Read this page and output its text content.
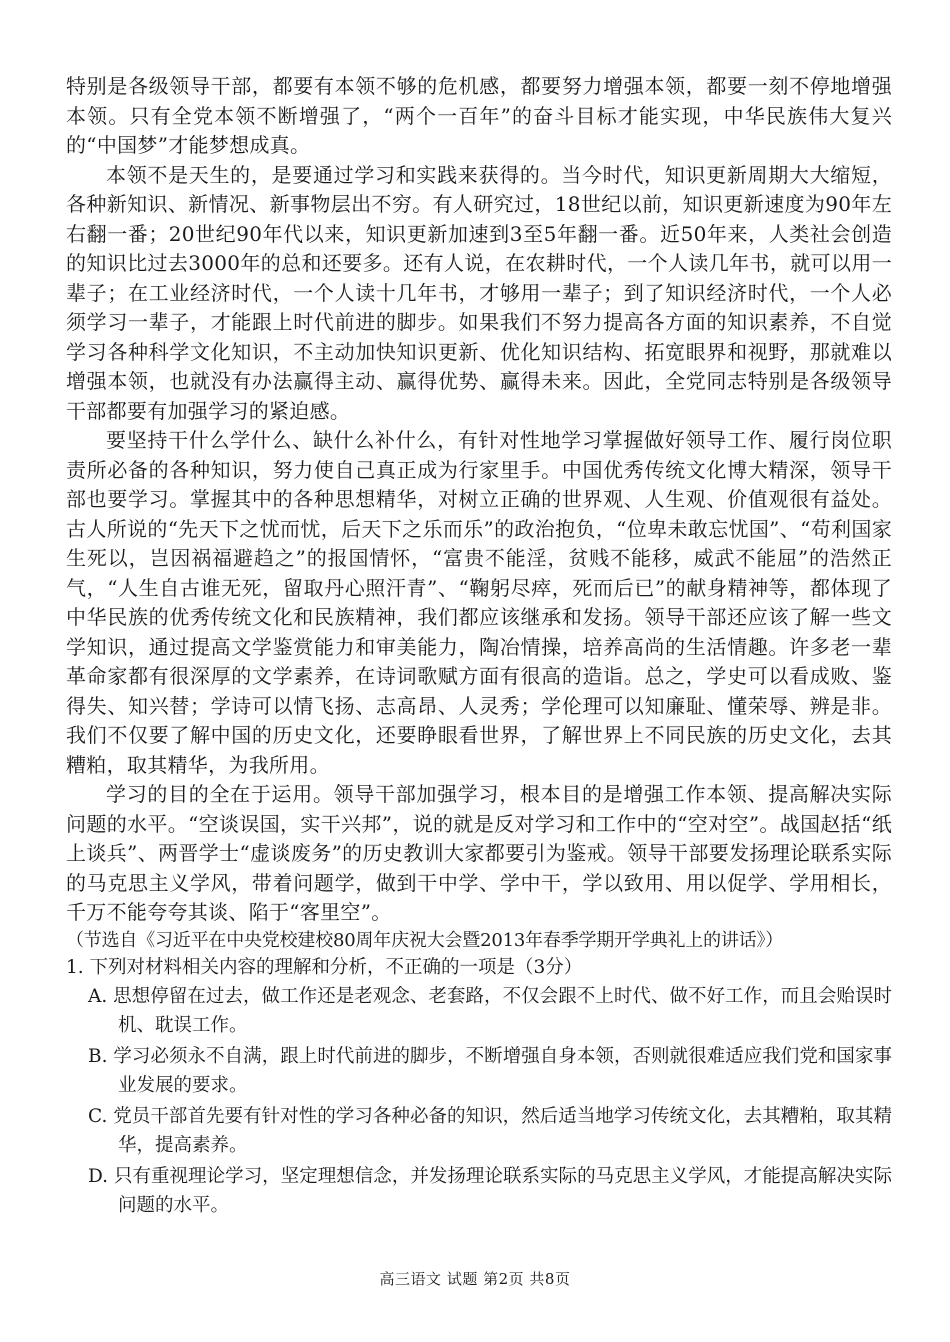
特别是各级领导干部，都要有本领不够的危机感，都要努力增强本领，都要一刻不停地增强本领。只有全党本领不断增强了，“两个一百年”的奋斗目标才能实现，中华民族伟大复兴的“中国梦”才能梦想成真。

本领不是天生的，是要通过学习和实践来获得的。当今时代，知识更新周期大大缩短，各种新知识、新情况、新事物层出不穷。有人研究过，18世纪以前，知识更新速度为90年左右翻一番；20世纪90年代以来，知识更新加速到3至5年翻一番。近50年来，人类社会创造的知识比过去3000年的总和还要多。还有人说，在农耕时代，一个人读几年书，就可以用一辈子；在工业经济时代，一个人读十几年书，才够用一辈子；到了知识经济时代，一个人必须学习一辈子，才能跟上时代前进的脚步。如果我们不努力提高各方面的知识素养，不自觉学习各种科学文化知识，不主动加快知识更新、优化知识结构、拓宽眼界和视野，那就难以增强本领，也就没有办法赢得主动、赢得优势、赢得未来。因此，全党同志特别是各级领导干部都要有加强学习的紧迫感。

要坚持干什么学什么、缺什么补什么，有针对性地学习掌握做好领导工作、履行岗位职责所必备的各种知识，努力使自己真正成为行家里手。中国优秀传统文化博大精深，领导干部也要学习。掌握其中的各种思想精华，对树立正确的世界观、人生观、价值观很有益处。古人所说的“先天下之忧而忧，后天下之乐而乐”的政治抱负，“位卑未敢忘忧国”、“苟利国家生死以，岂因祸福避趋之”的报国情怀，“富贵不能淫，贫贱不能移，威武不能屈”的浩然正气，“人生自古谁无死，留取丹心照汗青”、“鞠躬尽瘁，死而后已”的献身精神等，都体现了中华民族的优秀传统文化和民族精神，我们都应该继承和发扬。领导干部还应该了解一些文学知识，通过提高文学鉴赏能力和审美能力，陶冶情操，培养高尚的生活情趣。许多老一辈革命家都有很深厚的文学素养，在诗词歌赋方面有很高的造诣。总之，学史可以看成败、鉴得失、知兴替；学诗可以情飞扬、志高昂、人灵秀；学伦理可以知廉耻、懂荣辱、辨是非。我们不仅要了解中国的历史文化，还要睁眼看世界，了解世界上不同民族的历史文化，去其糟粕，取其精华，为我所用。

学习的目的全在于运用。领导干部加强学习，根本目的是增强工作本领、提高解决实际问题的水平。“空谈误国，实干兴邦”，说的就是反对学习和工作中的“空对空”。战国赵括“纸上谈兵”、两晋学士“虚谈废务”的历史教训大家都要引为鉴戒。领导干部要发扬理论联系实际的马克思主义学风，带着问题学，做到干中学、学中干，学以致用、用以促学、学用相长，千万不能夸夸其谈、陷于“客里空”。

（节选自《习近平在中央党校建校80周年庆祝大会暨2013年春季学期开学典礼上的讲话》）

1. 下列对材料相关内容的理解和分析，不正确的一项是（3分）

A. 思想停留在过去，做工作还是老观念、老套路，不仅会跟不上时代、做不好工作，而且会贻误时机、耽误工作。

B. 学习必须永不自满，跟上时代前进的脚步，不断增强自身本领，否则就很难适应我们党和国家事业发展的要求。

C. 党员干部首先要有针对性的学习各种必备的知识，然后适当地学习传统文化，去其糟粕，取其精华，提高素养。

D. 只有重视理论学习，坚定理想信念，并发扬理论联系实际的马克思主义学风，才能提高解决实际问题的水平。

高三语文 试题 第2页 共8页
